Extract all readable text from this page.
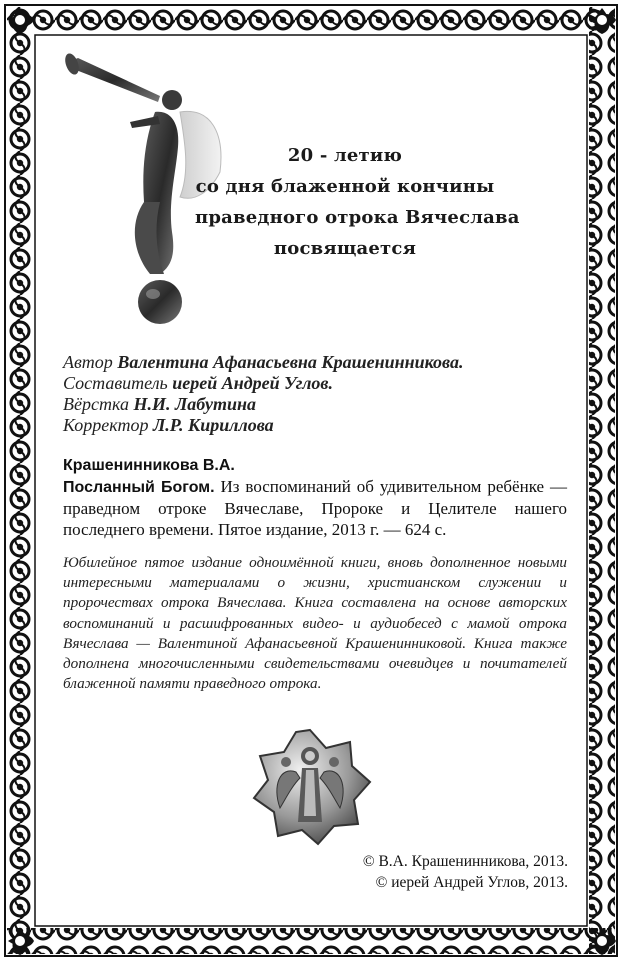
20 - летию
со дня блаженной кончины
праведного отрока Вячеслава
посвящается
Автор Валентина Афанасьевна Крашенинникова.
Составитель иерей Андрей Углов.
Вёрстка Н.И. Лабутина
Корректор Л.Р. Кириллова
Крашенинникова В.А.
Посланный Богом. Из воспоминаний об удивительном ребёнке — праведном отроке Вячеславе, Пророке и Целителе нашего последнего времени. Пятое издание, 2013 г. — 624 с.
Юбилейное пятое издание одноимённой книги, вновь дополненное новыми интересными материалами о жизни, христианском служении и пророчествах отрока Вячеслава. Книга составлена на основе авторских воспоминаний и расшифрованных видео- и аудиобесед с мамой отрока Вячеслава — Валентиной Афанасьевной Крашенинниковой. Книга также дополнена многочисленными свидетельствами очевидцев и почитателей блаженной памяти праведного отрока.
© В.А. Крашенинникова, 2013.
© иерей Андрей Углов, 2013.
